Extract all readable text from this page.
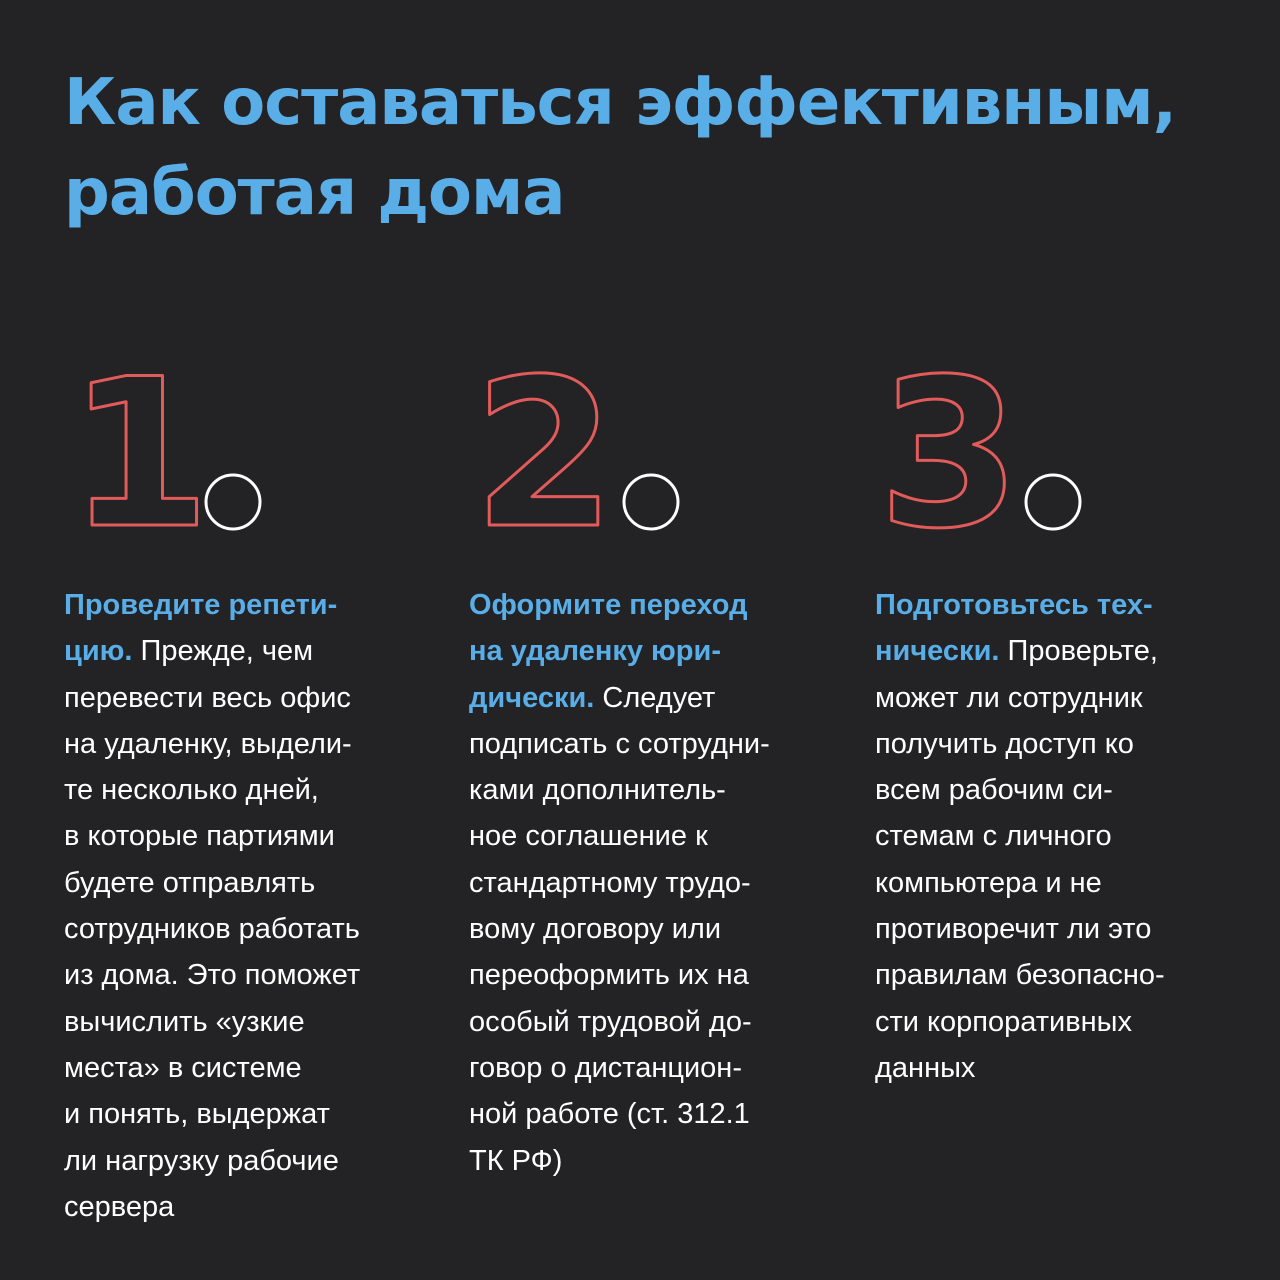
Как оставаться эффективным,
работая дома
1 2 3

Проведите репети-
цию. Прежде, чем
перевести весь офис
на удаленку, выдели-
те несколько дней,
в которые партиями
будете отправлять
сотрудников работать
из дома. Это поможет
вычислить «узкие
места» в системе
и понять, выдержат
ли нагрузку рабочие
сервера

Оформите переход
на удаленку юри-
дически. Следует
подписать с сотрудни-
ками дополнитель-
ное соглашение к
стандартному трудо-
вому договору или
переоформить их на
особый трудовой до-
говор о дистанцион-
ной работе (ст. 312.1
ТК РФ)

Подготовьтесь тех-
нически. Проверьте,
может ли сотрудник
получить доступ ко
всем рабочим си-
стемам с личного
компьютера и не
противоречит ли это
правилам безопасно-
сти корпоративных
данных
